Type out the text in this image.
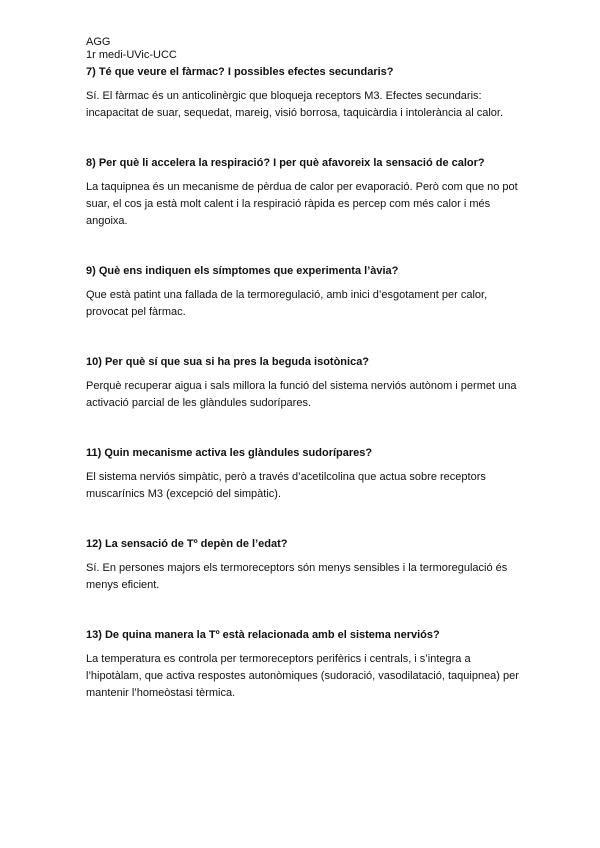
AGG

1r medi-UVic-UCC

7) Té que veure el fàrmac? I possibles efectes secundaris?

Sí. El fàrmac és un anticolinèrgic que bloqueja receptors M3. Efectes secundaris: incapacitat de suar, sequedat, mareig, visió borrosa, taquicàrdia i intolerància al calor.

8) Per què li accelera la respiració? I per què afavoreix la sensació de calor?

La taquipnea és un mecanisme de pèrdua de calor per evaporació. Però com que no pot suar, el cos ja està molt calent i la respiració ràpida es percep com més calor i més angoixa.

9) Què ens indiquen els símptomes que experimenta l’àvia?

Que està patint una fallada de la termoregulació, amb inici d’esgotament per calor, provocat pel fàrmac.

10) Per què sí que sua si ha pres la beguda isotònica?

Perquè recuperar aigua i sals millora la funció del sistema nerviós autònom i permet una activació parcial de les glàndules sudorípares.

11) Quin mecanisme activa les glàndules sudorípares?

El sistema nerviós simpàtic, però a través d’acetilcolina que actua sobre receptors muscarínics M3 (excepció del simpàtic).

12) La sensació de Tº depèn de l’edat?

Sí. En persones majors els termoreceptors són menys sensibles i la termoregulació és menys eficient.

13) De quina manera la Tº està relacionada amb el sistema nerviós?

La temperatura es controla per termoreceptors perifèrics i centrals, i s’integra a l’hipotàlam, que activa respostes autonòmiques (sudoració, vasodilatació, taquipnea) per mantenir l’homeòstasi tèrmica.
